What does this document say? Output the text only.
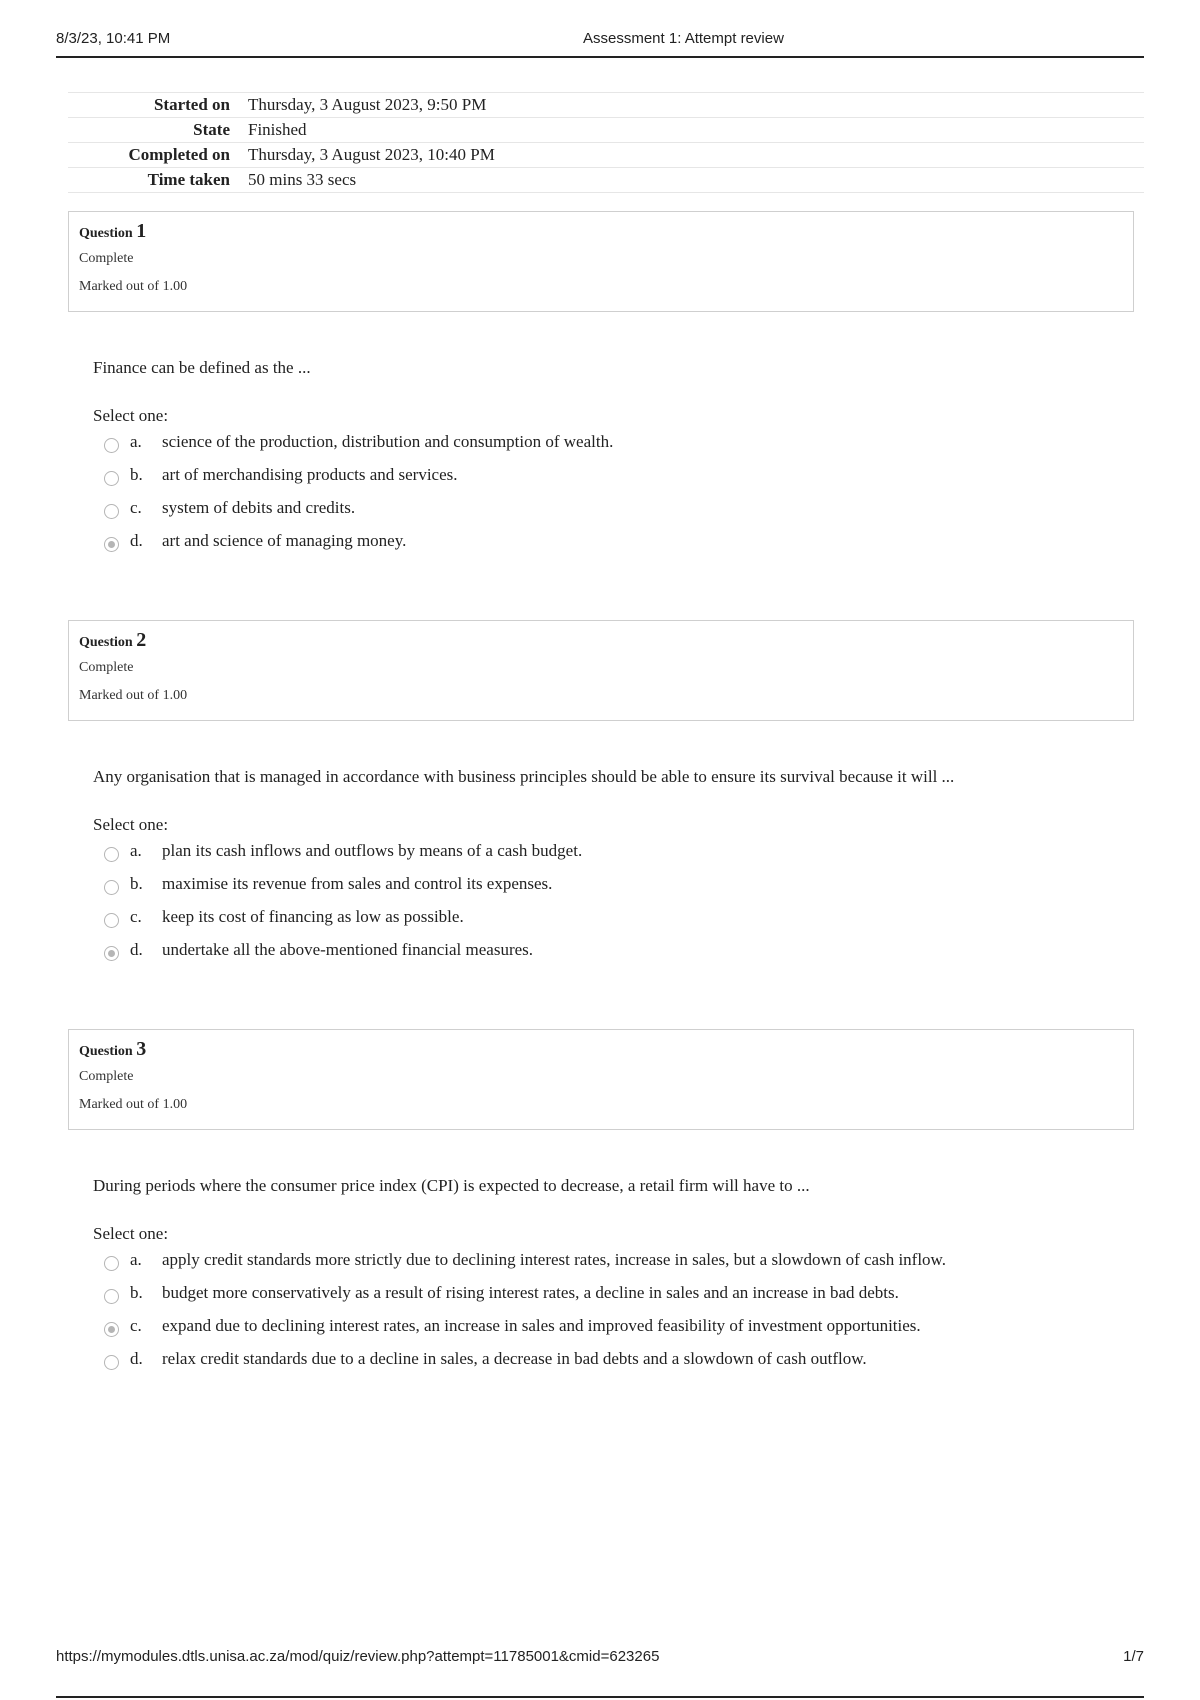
8/3/23, 10:41 PM	Assessment 1: Attempt review
Started on	Thursday, 3 August 2023, 9:50 PM
State	Finished
Completed on	Thursday, 3 August 2023, 10:40 PM
Time taken	50 mins 33 secs
Question 1
Complete
Marked out of 1.00
Finance can be defined as the ...
Select one:
a. science of the production, distribution and consumption of wealth.
b. art of merchandising products and services.
c. system of debits and credits.
d. art and science of managing money.
Question 2
Complete
Marked out of 1.00
Any organisation that is managed in accordance with business principles should be able to ensure its survival because it will ...
Select one:
a. plan its cash inflows and outflows by means of a cash budget.
b. maximise its revenue from sales and control its expenses.
c. keep its cost of financing as low as possible.
d. undertake all the above-mentioned financial measures.
Question 3
Complete
Marked out of 1.00
During periods where the consumer price index (CPI) is expected to decrease, a retail firm will have to ...
Select one:
a. apply credit standards more strictly due to declining interest rates, increase in sales, but a slowdown of cash inflow.
b. budget more conservatively as a result of rising interest rates, a decline in sales and an increase in bad debts.
c. expand due to declining interest rates, an increase in sales and improved feasibility of investment opportunities.
d. relax credit standards due to a decline in sales, a decrease in bad debts and a slowdown of cash outflow.
https://mymodules.dtls.unisa.ac.za/mod/quiz/review.php?attempt=11785001&cmid=623265	1/7
